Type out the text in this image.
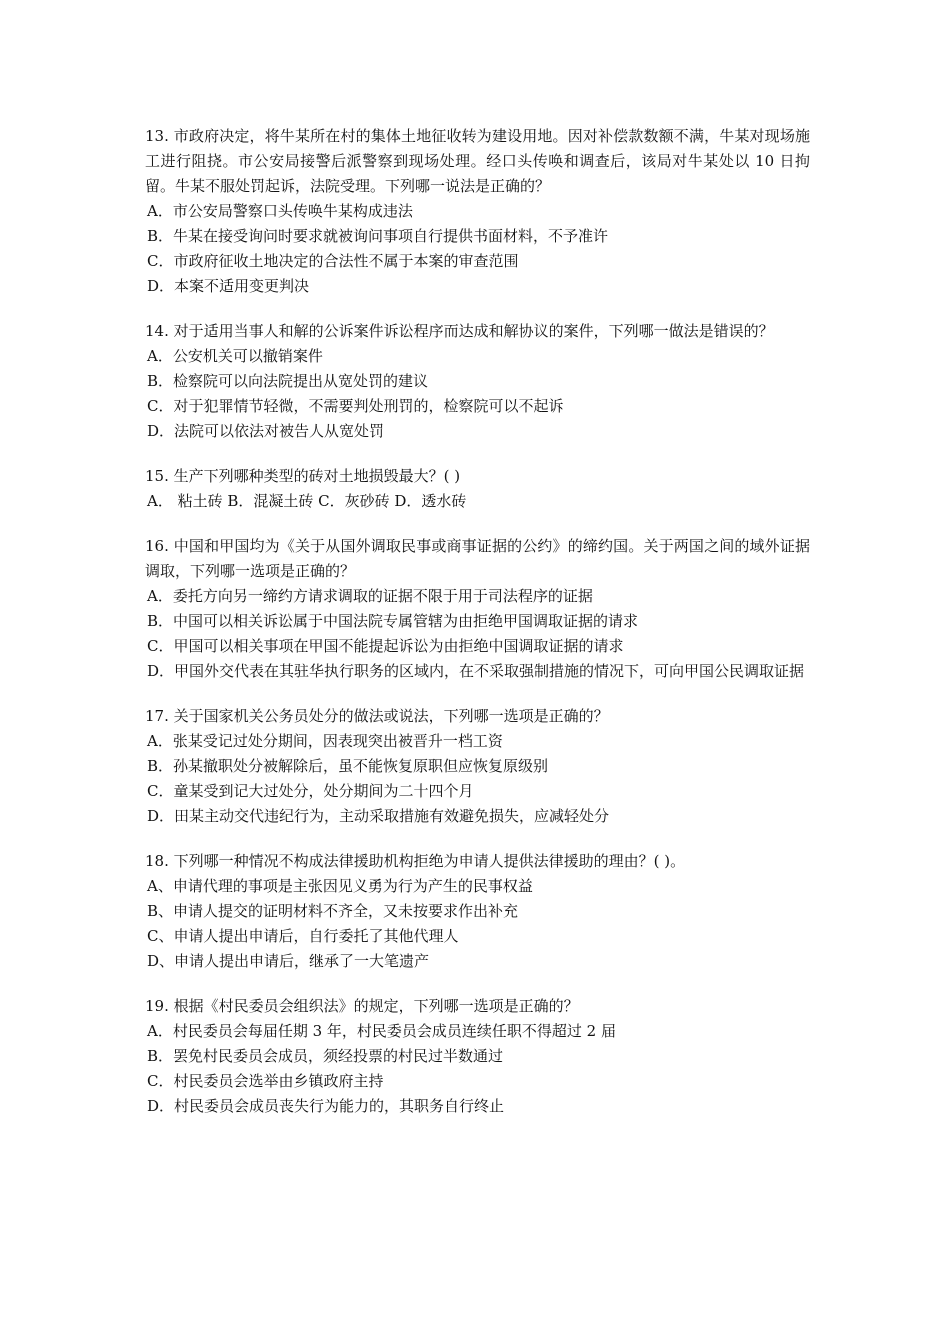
13. 市政府决定，将牛某所在村的集体土地征收转为建设用地。因对补偿款数额不满，牛某对现场施工进行阻挠。市公安局接警后派警察到现场处理。经口头传唤和调查后，该局对牛某处以 10 日拘留。牛某不服处罚起诉，法院受理。下列哪一说法是正确的？
A．市公安局警察口头传唤牛某构成违法
B．牛某在接受询问时要求就被询问事项自行提供书面材料，不予准许
C．市政府征收土地决定的合法性不属于本案的审查范围
D．本案不适用变更判决
14. 对于适用当事人和解的公诉案件诉讼程序而达成和解协议的案件，下列哪一做法是错误的？
A．公安机关可以撤销案件
B．检察院可以向法院提出从宽处罚的建议
C．对于犯罪情节轻微，不需要判处刑罚的，检察院可以不起诉
D．法院可以依法对被告人从宽处罚
15. 生产下列哪种类型的砖对土地损毁最大？( )
A． 粘土砖 B．混凝土砖 C．灰砂砖 D．透水砖
16. 中国和甲国均为《关于从国外调取民事或商事证据的公约》的缔约国。关于两国之间的域外证据调取，下列哪一选项是正确的？
A．委托方向另一缔约方请求调取的证据不限于用于司法程序的证据
B．中国可以相关诉讼属于中国法院专属管辖为由拒绝甲国调取证据的请求
C．甲国可以相关事项在甲国不能提起诉讼为由拒绝中国调取证据的请求
D．甲国外交代表在其驻华执行职务的区域内，在不采取强制措施的情况下，可向甲国公民调取证据
17. 关于国家机关公务员处分的做法或说法，下列哪一选项是正确的？
A．张某受记过处分期间，因表现突出被晋升一档工资
B．孙某撤职处分被解除后，虽不能恢复原职但应恢复原级别
C．童某受到记大过处分，处分期间为二十四个月
D．田某主动交代违纪行为，主动采取措施有效避免损失，应减轻处分
18. 下列哪一种情况不构成法律援助机构拒绝为申请人提供法律援助的理由？( )。
A、申请代理的事项是主张因见义勇为行为产生的民事权益
B、申请人提交的证明材料不齐全，又未按要求作出补充
C、申请人提出申请后，自行委托了其他代理人
D、申请人提出申请后，继承了一大笔遗产
19. 根据《村民委员会组织法》的规定，下列哪一选项是正确的？
A．村民委员会每届任期 3 年，村民委员会成员连续任职不得超过 2 届
B．罢免村民委员会成员，须经投票的村民过半数通过
C．村民委员会选举由乡镇政府主持
D．村民委员会成员丧失行为能力的，其职务自行终止
